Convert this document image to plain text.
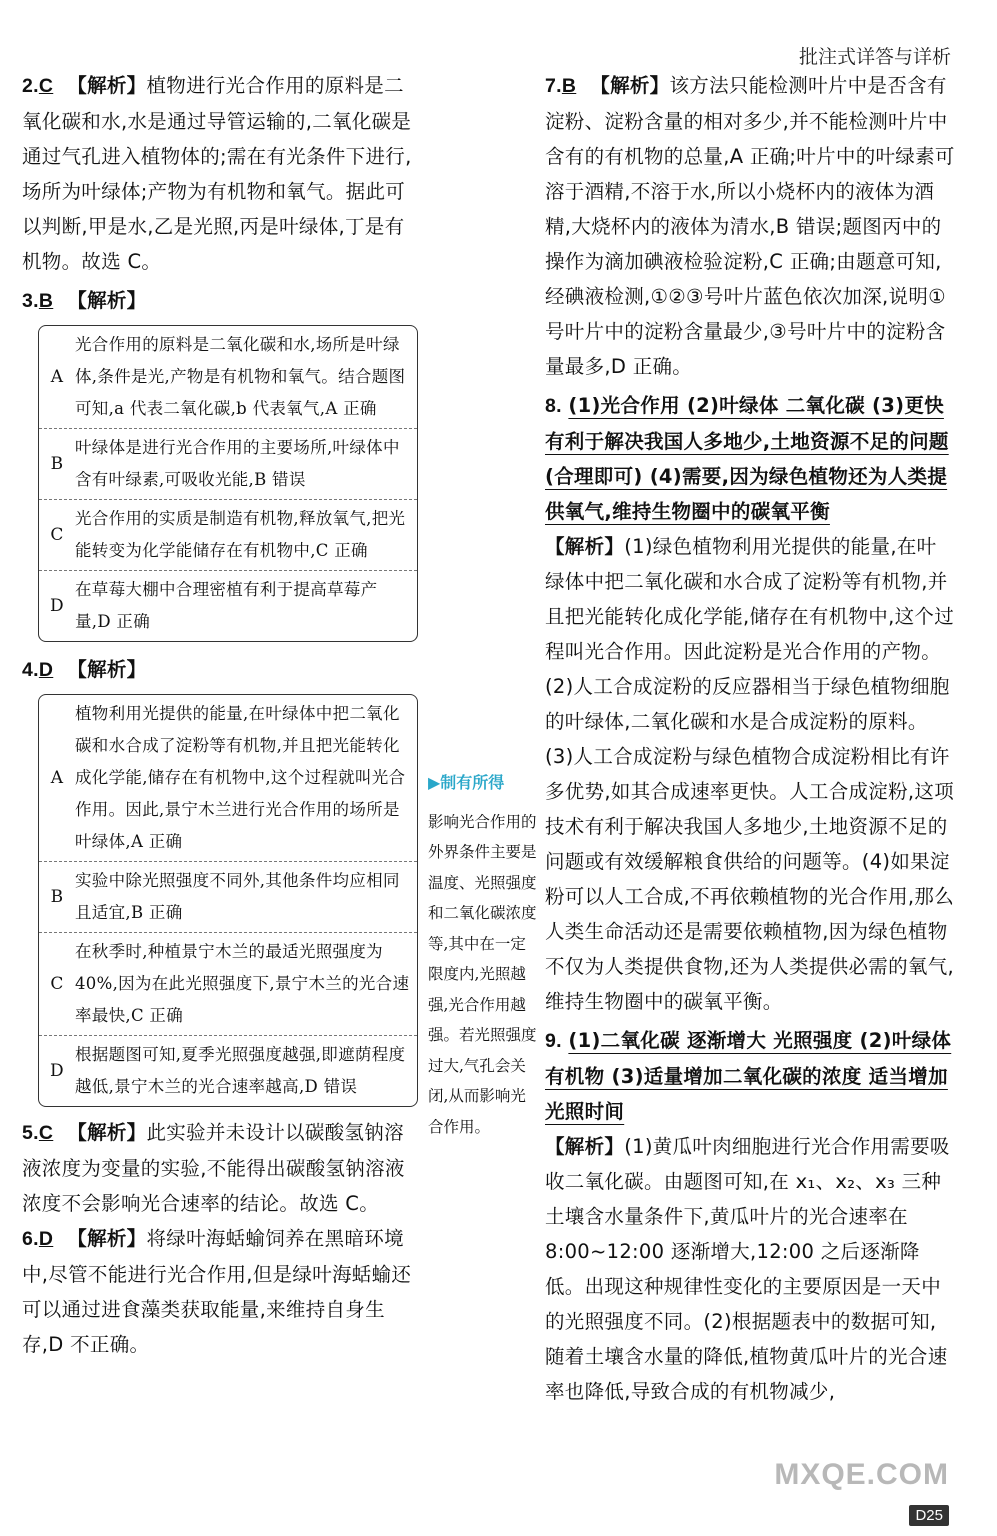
批注式详答与详析

2.C 【解析】植物进行光合作用的原料是二氧化碳和水,水是通过导管运输的,二氧化碳是通过气孔进入植物体的;需在有光条件下进行,场所为叶绿体;产物为有机物和氧气。据此可以判断,甲是水,乙是光照,丙是叶绿体,丁是有机物。故选 C。

3.B 【解析】

A
光合作用的原料是二氧化碳和水,场所是叶绿体,条件是光,产物是有机物和氧气。结合题图可知,a 代表二氧化碳,b 代表氧气,A 正确
B
叶绿体是进行光合作用的主要场所,叶绿体中含有叶绿素,可吸收光能,B 错误
C
光合作用的实质是制造有机物,释放氧气,把光能转变为化学能储存在有机物中,C 正确
D
在草莓大棚中合理密植有利于提高草莓产量,D 正确

4.D 【解析】

A
植物利用光提供的能量,在叶绿体中把二氧化碳和水合成了淀粉等有机物,并且把光能转化成化学能,储存在有机物中,这个过程就叫光合作用。因此,景宁木兰进行光合作用的场所是叶绿体,A 正确
B
实验中除光照强度不同外,其他条件均应相同且适宜,B 正确
C
在秋季时,种植景宁木兰的最适光照强度为 40%,因为在此光照强度下,景宁木兰的光合速率最快,C 正确
D
根据题图可知,夏季光照强度越强,即遮荫程度越低,景宁木兰的光合速率越高,D 错误

5.C 【解析】此实验并未设计以碳酸氢钠溶液浓度为变量的实验,不能得出碳酸氢钠溶液浓度不会影响光合速率的结论。故选 C。

6.D 【解析】将绿叶海蛞蝓饲养在黑暗环境中,尽管不能进行光合作用,但是绿叶海蛞蝓还可以通过进食藻类获取能量,来维持自身生存,D 不正确。

▶制有所得
影响光合作用的外界条件主要是温度、光照强度和二氧化碳浓度等,其中在一定限度内,光照越强,光合作用越强。若光照强度过大,气孔会关闭,从而影响光合作用。

7.B 【解析】该方法只能检测叶片中是否含有淀粉、淀粉含量的相对多少,并不能检测叶片中含有的有机物的总量,A 正确;叶片中的叶绿素可溶于酒精,不溶于水,所以小烧杯内的液体为酒精,大烧杯内的液体为清水,B 错误;题图丙中的操作为滴加碘液检验淀粉,C 正确;由题意可知,经碘液检测,①②③号叶片蓝色依次加深,说明①号叶片中的淀粉含量最少,③号叶片中的淀粉含量最多,D 正确。

8. (1)光合作用 (2)叶绿体 二氧化碳 (3)更快 有利于解决我国人多地少,土地资源不足的问题(合理即可) (4)需要,因为绿色植物还为人类提供氧气,维持生物圈中的碳氧平衡

【解析】(1)绿色植物利用光提供的能量,在叶绿体中把二氧化碳和水合成了淀粉等有机物,并且把光能转化成化学能,储存在有机物中,这个过程叫光合作用。因此淀粉是光合作用的产物。(2)人工合成淀粉的反应器相当于绿色植物细胞的叶绿体,二氧化碳和水是合成淀粉的原料。(3)人工合成淀粉与绿色植物合成淀粉相比有许多优势,如其合成速率更快。人工合成淀粉,这项技术有利于解决我国人多地少,土地资源不足的问题或有效缓解粮食供给的问题等。(4)如果淀粉可以人工合成,不再依赖植物的光合作用,那么人类生命活动还是需要依赖植物,因为绿色植物不仅为人类提供食物,还为人类提供必需的氧气,维持生物圈中的碳氧平衡。

9. (1)二氧化碳 逐渐增大 光照强度 (2)叶绿体 有机物 (3)适量增加二氧化碳的浓度 适当增加光照时间

【解析】(1)黄瓜叶肉细胞进行光合作用需要吸收二氧化碳。由题图可知,在 x₁、x₂、x₃ 三种土壤含水量条件下,黄瓜叶片的光合速率在 8:00~12:00 逐渐增大,12:00 之后逐渐降低。出现这种规律性变化的主要原因是一天中的光照强度不同。(2)根据题表中的数据可知,随着土壤含水量的降低,植物黄瓜叶片的光合速率也降低,导致合成的有机物减少,

MXQE.COM
D25
